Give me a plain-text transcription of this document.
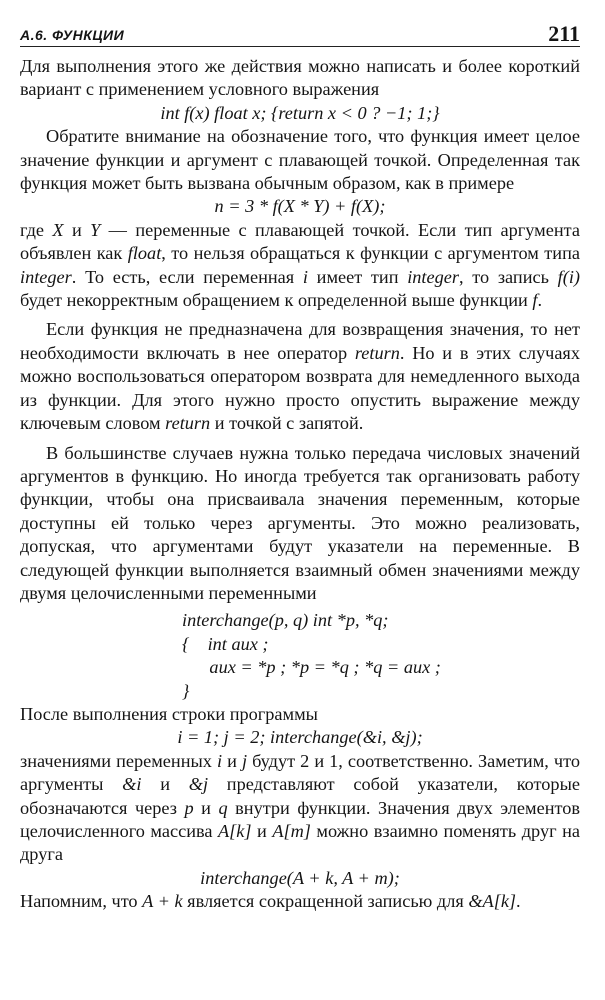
А.6. ФУНКЦИИ	211

Для выполнения этого же действия можно написать и более короткий вариант с применением условного выражения

int f(x) float x; {return x < 0 ? −1; 1;}

Обратите внимание на обозначение того, что функция имеет целое значение функции и аргумент с плавающей точкой. Определенная так функция может быть вызвана обычным образом, как в примере

n = 3 * f(X * Y) + f(X);

где X и Y — переменные с плавающей точкой. Если тип аргумента объявлен как float, то нельзя обращаться к функции с аргументом типа integer. То есть, если переменная i имеет тип integer, то запись f(i) будет некорректным обращением к определенной выше функции f.

Если функция не предназначена для возвращения значения, то нет необходимости включать в нее оператор return. Но и в этих случаях можно воспользоваться оператором возврата для немедленного выхода из функции. Для этого нужно просто опустить выражение между ключевым словом return и точкой с запятой.

В большинстве случаев нужна только передача числовых значений аргументов в функцию. Но иногда требуется так организовать работу функции, чтобы она присваивала значения переменным, которые доступны ей только через аргументы. Это можно реализовать, допуская, что аргументами будут указатели на переменные. В следующей функции выполняется взаимный обмен значениями между двумя целочисленными переменными

interchange(p, q) int *p, *q;
{    int aux ;
aux = *p ; *p = *q ; *q = aux ;
}

После выполнения строки программы

i = 1; j = 2; interchange(&i, &j);

значениями переменных i и j будут 2 и 1, соответственно. Заметим, что аргументы &i и &j представляют собой указатели, которые обозначаются через p и q внутри функции. Значения двух элементов целочисленного массива A[k] и A[m] можно взаимно поменять друг на друга

interchange(A + k, A + m);

Напомним, что A + k является сокращенной записью для &A[k].
